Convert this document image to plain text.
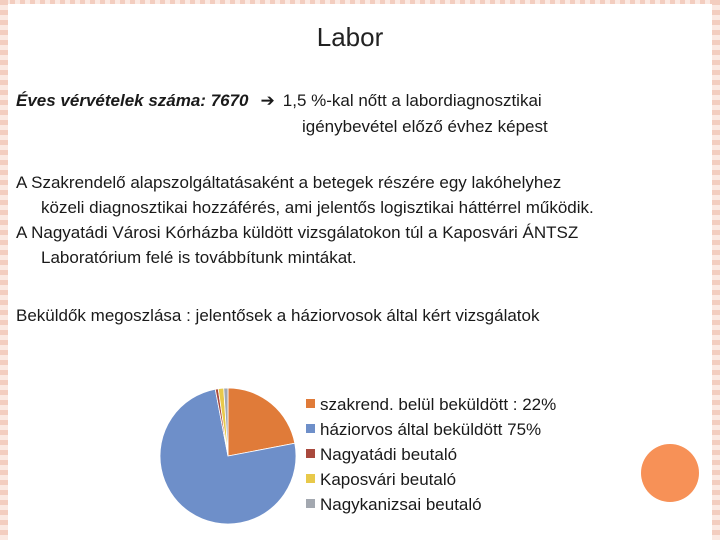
Labor
Éves vérvételek száma: 7670 ➔ 1,5 %-kal nőtt a labordiagnosztikai
igénybevétel előző évhez képest
A Szakrendelő alapszolgáltatásaként a betegek részére egy lakóhelyhez
közeli diagnosztikai hozzáférés, ami jelentős logisztikai háttérrel működik.
A Nagyatádi Városi Kórházba küldött vizsgálatokon túl a Kaposvári ÁNTSZ
Laboratórium felé is továbbítunk mintákat.
Beküldők megoszlása : jelentősek a háziorvosok által kért vizsgálatok
szakrend. belül beküldött : 22%
háziorvos által beküldött 75%
Nagyatádi beutaló
Kaposvári beutaló
Nagykanizsai beutaló
